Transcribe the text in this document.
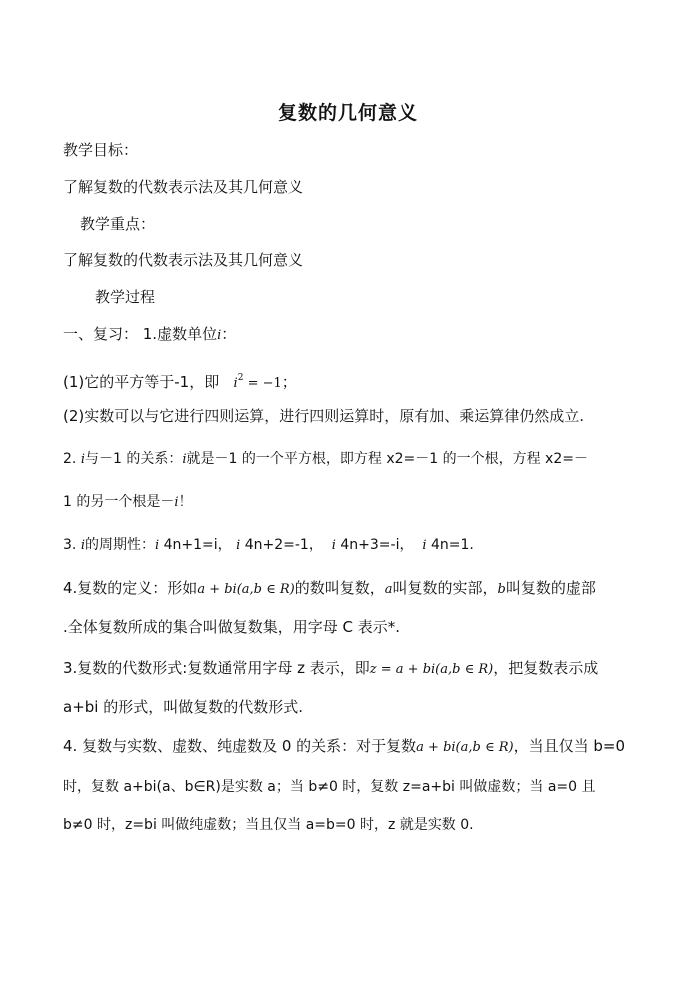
复数的几何意义
教学目标：
了解复数的代数表示法及其几何意义
教学重点：
了解复数的代数表示法及其几何意义
教学过程
一、复习： 1.虚数单位i：
(1)它的平方等于-1，即 $i^2 = -1$；
(2)实数可以与它进行四则运算，进行四则运算时，原有加、乘运算律仍然成立.
2. i与－1 的关系：i就是－1 的一个平方根，即方程 x2=－1 的一个根，方程 x2=－
1 的另一个根是－i！
3. i的周期性：i 4n+1=i， i 4n+2=-1，  i 4n+3=-i，  i 4n=1.
4.复数的定义：形如a + bi(a,b ∈ R)的数叫复数，a叫复数的实部，b叫复数的虚部
.全体复数所成的集合叫做复数集，用字母 C 表示*.
3.复数的代数形式:复数通常用字母 z 表示，即z = a + bi(a,b ∈ R)，把复数表示成
a+bi 的形式，叫做复数的代数形式.
4. 复数与实数、虚数、纯虚数及 0 的关系：对于复数a + bi(a,b ∈ R)，当且仅当 b=0
时，复数 a+bi(a、b∈R)是实数 a；当 b≠0 时，复数 z=a+bi 叫做虚数；当 a=0 且
b≠0 时，z=bi 叫做纯虚数；当且仅当 a=b=0 时，z 就是实数 0.
